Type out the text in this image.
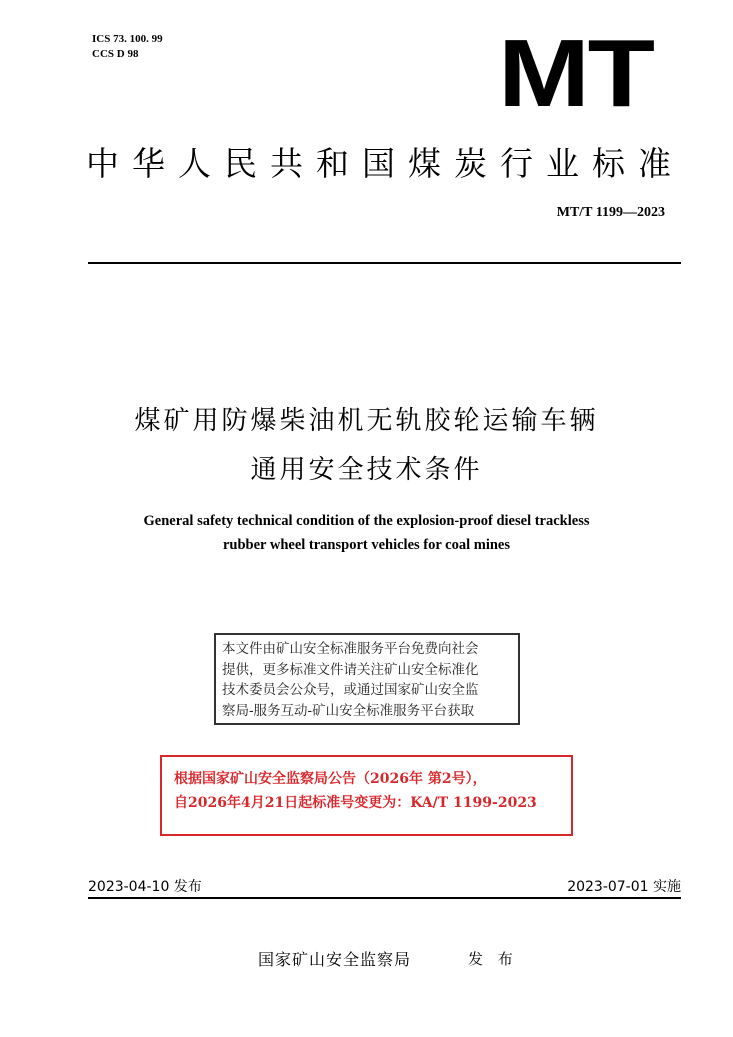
ICS 73. 100. 99
CCS D 98	MT
中华人民共和国煤炭行业标准
MT/T 1199—2023
煤矿用防爆柴油机无轨胶轮运输车辆
通用安全技术条件
General safety technical condition of the explosion-proof diesel trackless
rubber wheel transport vehicles for coal mines
本文件由矿山安全标准服务平台免费向社会
提供，更多标准文件请关注矿山安全标准化
技术委员会公众号，或通过国家矿山安全监
察局-服务互动-矿山安全标准服务平台获取
根据国家矿山安全监察局公告（2026年 第2号），
自2026年4月21日起标准号变更为：KA/T 1199-2023
2023-04-10 发布	2023-07-01 实施
国家矿山安全监察局	发 布
